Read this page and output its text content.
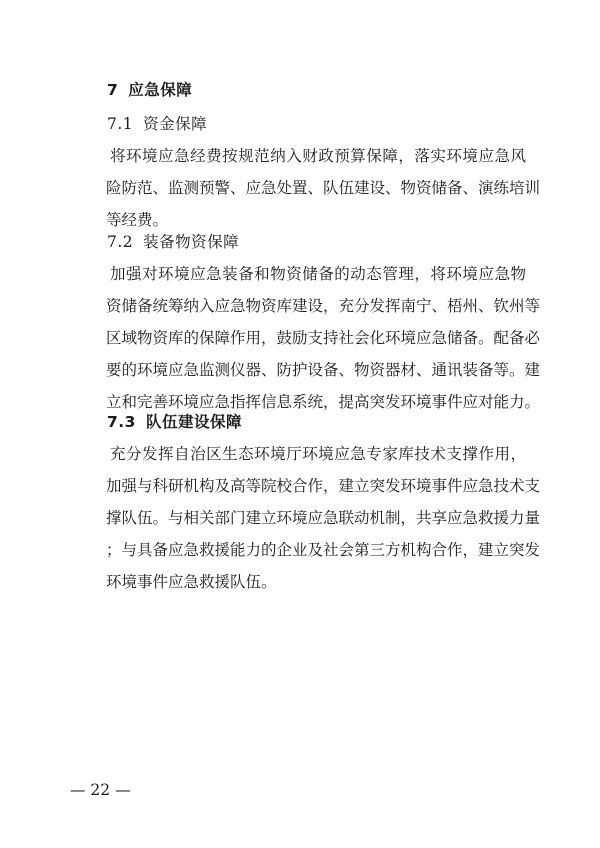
7 应急保障
7.1 资金保障
将环境应急经费按规范纳入财政预算保障，落实环境应急风
险防范、监测预警、应急处置、队伍建设、物资储备、演练培训
等经费。
7.2 装备物资保障
加强对环境应急装备和物资储备的动态管理，将环境应急物
资储备统筹纳入应急物资库建设，充分发挥南宁、梧州、钦州等
区域物资库的保障作用，鼓励支持社会化环境应急储备。配备必
要的环境应急监测仪器、防护设备、物资器材、通讯装备等。建
立和完善环境应急指挥信息系统，提高突发环境事件应对能力。
7.3 队伍建设保障
充分发挥自治区生态环境厅环境应急专家库技术支撑作用，
加强与科研机构及高等院校合作，建立突发环境事件应急技术支
撑队伍。与相关部门建立环境应急联动机制，共享应急救援力量
；与具备应急救援能力的企业及社会第三方机构合作，建立突发
环境事件应急救援队伍。
— 22 —
